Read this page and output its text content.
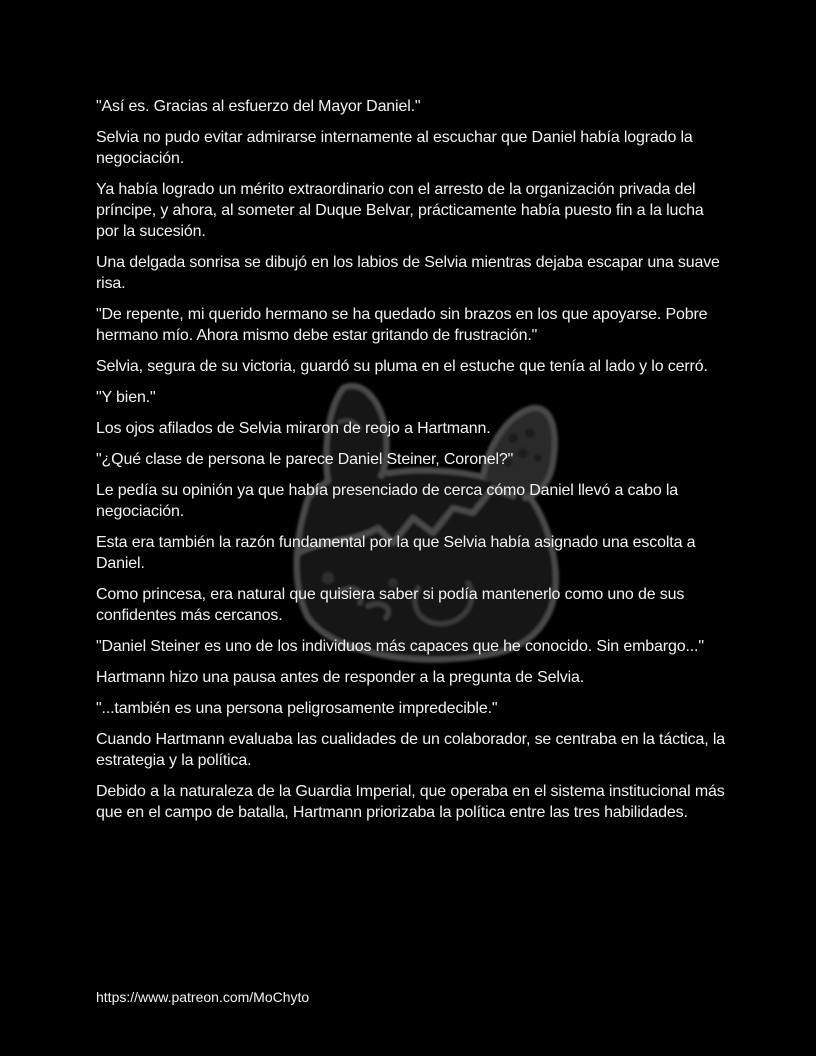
"Así es. Gracias al esfuerzo del Mayor Daniel."

Selvia no pudo evitar admirarse internamente al escuchar que Daniel había logrado la negociación.

Ya había logrado un mérito extraordinario con el arresto de la organización privada del príncipe, y ahora, al someter al Duque Belvar, prácticamente había puesto fin a la lucha por la sucesión.

Una delgada sonrisa se dibujó en los labios de Selvia mientras dejaba escapar una suave risa.

"De repente, mi querido hermano se ha quedado sin brazos en los que apoyarse. Pobre hermano mío. Ahora mismo debe estar gritando de frustración."

Selvia, segura de su victoria, guardó su pluma en el estuche que tenía al lado y lo cerró.

"Y bien."

Los ojos afilados de Selvia miraron de reojo a Hartmann.

"¿Qué clase de persona le parece Daniel Steiner, Coronel?"

Le pedía su opinión ya que había presenciado de cerca cómo Daniel llevó a cabo la negociación.

Esta era también la razón fundamental por la que Selvia había asignado una escolta a Daniel.

Como princesa, era natural que quisiera saber si podía mantenerlo como uno de sus confidentes más cercanos.

"Daniel Steiner es uno de los individuos más capaces que he conocido. Sin embargo..."

Hartmann hizo una pausa antes de responder a la pregunta de Selvia.

"...también es una persona peligrosamente impredecible."

Cuando Hartmann evaluaba las cualidades de un colaborador, se centraba en la táctica, la estrategia y la política.

Debido a la naturaleza de la Guardia Imperial, que operaba en el sistema institucional más que en el campo de batalla, Hartmann priorizaba la política entre las tres habilidades.

https://www.patreon.com/MoChyto
